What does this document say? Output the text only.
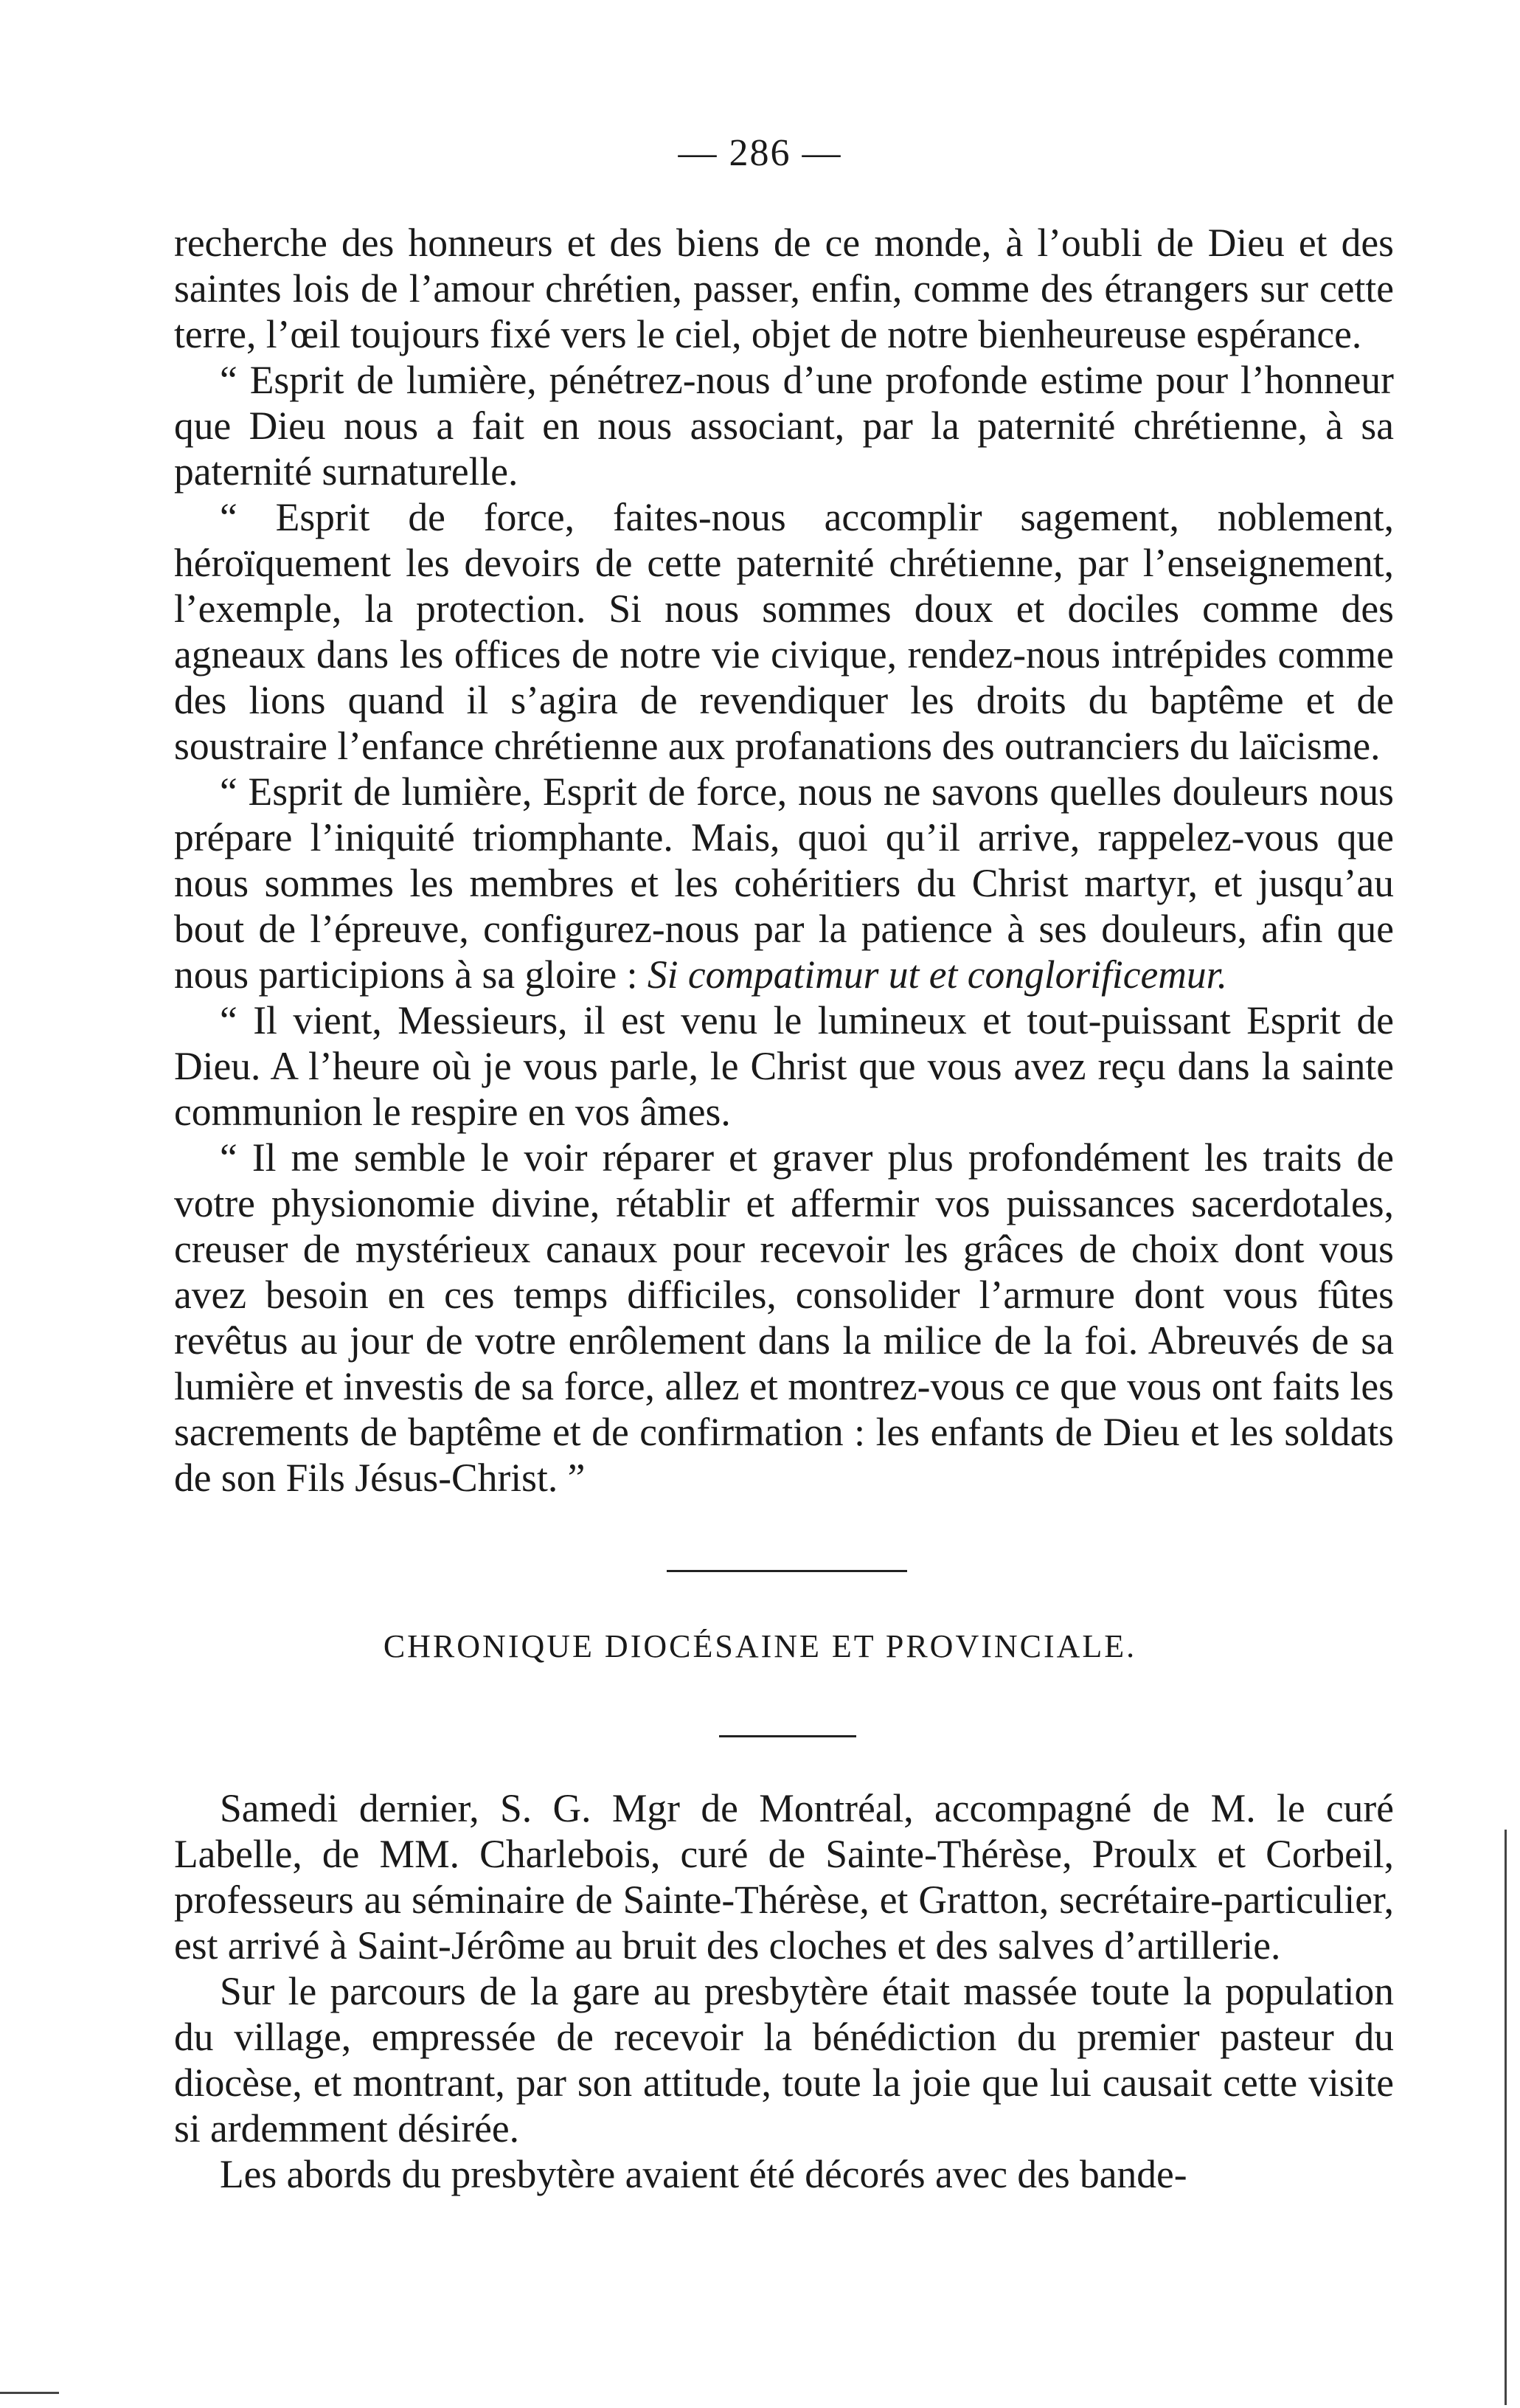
— 286 —

recherche des honneurs et des biens de ce monde, à l’oubli de Dieu et des saintes lois de l’amour chrétien, passer, enfin, comme des étrangers sur cette terre, l’œil toujours fixé vers le ciel, objet de notre bienheureuse espérance.

“ Esprit de lumière, pénétrez-nous d’une profonde estime pour l’honneur que Dieu nous a fait en nous associant, par la paternité chrétienne, à sa paternité surnaturelle.

“ Esprit de force, faites-nous accomplir sagement, noblement, héroïquement les devoirs de cette paternité chrétienne, par l’enseignement, l’exemple, la protection. Si nous sommes doux et dociles comme des agneaux dans les offices de notre vie civique, rendez-nous intrépides comme des lions quand il s’agira de revendiquer les droits du baptême et de soustraire l’enfance chrétienne aux profanations des outranciers du laïcisme.

“ Esprit de lumière, Esprit de force, nous ne savons quelles douleurs nous prépare l’iniquité triomphante. Mais, quoi qu’il arrive, rappelez-vous que nous sommes les membres et les cohéritiers du Christ martyr, et jusqu’au bout de l’épreuve, configurez-nous par la patience à ses douleurs, afin que nous participions à sa gloire : Si compatimur ut et conglorificemur.

“ Il vient, Messieurs, il est venu le lumineux et tout-puissant Esprit de Dieu. A l’heure où je vous parle, le Christ que vous avez reçu dans la sainte communion le respire en vos âmes.

“ Il me semble le voir réparer et graver plus profondément les traits de votre physionomie divine, rétablir et affermir vos puissances sacerdotales, creuser de mystérieux canaux pour recevoir les grâces de choix dont vous avez besoin en ces temps difficiles, consolider l’armure dont vous fûtes revêtus au jour de votre enrôlement dans la milice de la foi. Abreuvés de sa lumière et investis de sa force, allez et montrez-vous ce que vous ont faits les sacrements de baptême et de confirmation : les enfants de Dieu et les soldats de son Fils Jésus-Christ. ”

CHRONIQUE DIOCÉSAINE ET PROVINCIALE.

Samedi dernier, S. G. Mgr de Montréal, accompagné de M. le curé Labelle, de MM. Charlebois, curé de Sainte-Thérèse, Proulx et Corbeil, professeurs au séminaire de Sainte-Thérèse, et Gratton, secrétaire-particulier, est arrivé à Saint-Jérôme au bruit des cloches et des salves d’artillerie.

Sur le parcours de la gare au presbytère était massée toute la population du village, empressée de recevoir la bénédiction du premier pasteur du diocèse, et montrant, par son attitude, toute la joie que lui causait cette visite si ardemment désirée.

Les abords du presbytère avaient été décorés avec des bande-
